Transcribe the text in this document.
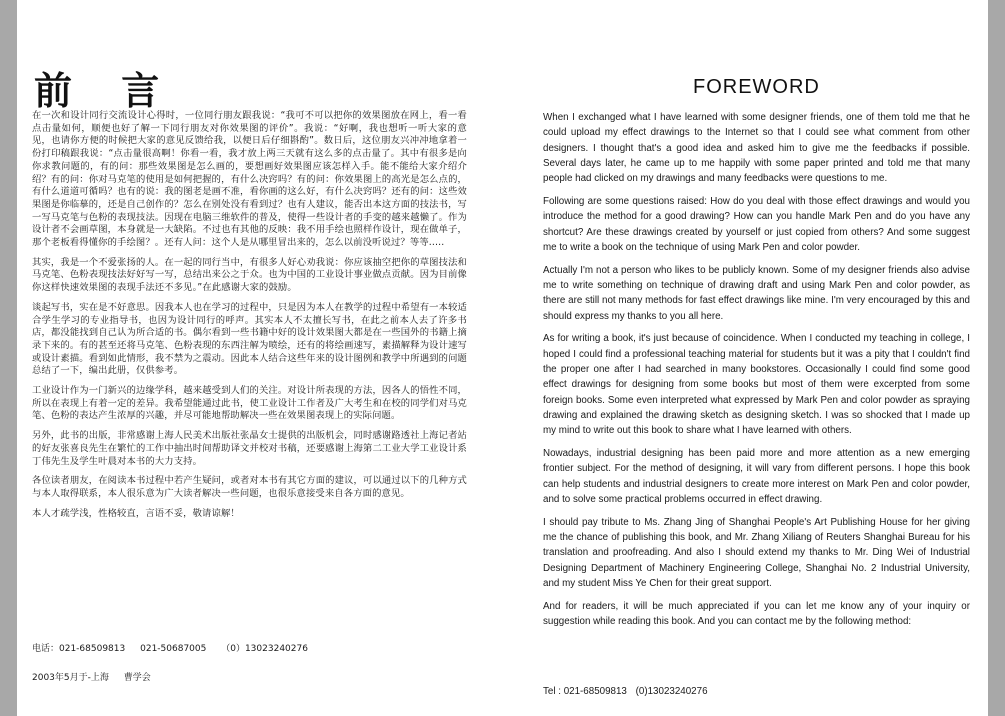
前 言

在一次和设计同行交流设计心得时，一位同行朋友跟我说：“我可不可以把你的效果图放在网上，看一看点击量如何，顺便也好了解一下同行朋友对你效果图的评价”。我说：“好啊，我也想听一听大家的意见，也请你方便的时候把大家的意见反馈给我，以便日后仔细斟酌”。数日后，这位朋友兴冲冲地拿着一份打印稿跟我说：“点击量很高啊！你看一看，我才放上两三天就有这么多的点击量了。其中有很多是向你求教问题的，有的问：那些效果图是怎么画的，要想画好效果图应该怎样入手。能不能给大家介绍介绍？有的问：你对马克笔的使用是如何把握的，有什么决窍吗？有的问：你效果图上的高光是怎么点的，有什么道道可循吗？也有的说：我的图老是画不准，看你画的这么好，有什么决窍吗？还有的问：这些效果图是你临摹的，还是自己创作的？怎么在别处没有看到过？也有人建议，能否出本这方面的技法书，写一写马克笔与色粉的表现技法。因现在电脑三维软件的普及，使得一些设计者的手变的越来越懒了。作为设计者不会画草图，本身就是一大缺陷。不过也有其他的反映：我不用手绘也照样作设计，现在做单子，那个老板看得懂你的手绘图？。还有人问：这个人是从哪里冒出来的，怎么以前没听说过？等等.....

其实，我是一个不爱张扬的人。在一起的同行当中，有很多人好心劝我说：你应该抽空把你的草图技法和马克笔、色粉表现技法好好写一写，总结出来公之于众。也为中国的工业设计事业做点贡献。因为目前像你这样快速效果图的表现手法还不多见。”在此感谢大家的鼓励。

谈起写书，实在是不好意思。因我本人也在学习的过程中，只是因为本人在教学的过程中希望有一本较适合学生学习的专业指导书，也因为设计同行的呼声。其实本人不太擅长写书，在此之前本人去了许多书店，都没能找到自己认为所合适的书。偶尔看到一些书籍中好的设计效果图大都是在一些国外的书籍上摘录下来的。有的甚至还将马克笔、色粉表现的东西注解为喷绘，还有的将绘画速写，素描解释为设计速写或设计素描。看到如此情形，我不禁为之震动。因此本人结合这些年来的设计图例和教学中所遇到的问题总结了一下，编出此册，仅供参考。

工业设计作为一门新兴的边缘学科，越来越受到人们的关注。对设计所表现的方法，因各人的悟性不同，所以在表现上有着一定的差异。我希望能通过此书，使工业设计工作者及广大考生和在校的同学们对马克笔、色粉的表达产生浓厚的兴趣，并尽可能地帮助解决一些在效果图表现上的实际问题。

另外，此书的出版，非常感谢上海人民美术出版社张晶女士提供的出版机会，同时感谢路透社上海记者站的好友张喜良先生在繁忙的工作中抽出时间帮助译文并校对书稿，还要感谢上海第二工业大学工业设计系丁伟先生及学生叶晨对本书的大力支持。

各位读者朋友，在阅读本书过程中若产生疑问，或者对本书有其它方面的建议，可以通过以下的几种方式与本人取得联系，本人很乐意为广大读者解决一些问题，也很乐意接受来自各方面的意见。

本人才疏学浅，性格较直，言语不妥，敬请谅解！

电话：021-68509813 021-50687005 （0）13023240276
2003年5月于-上海 曹学会
FOREWORD

When I exchanged what I have learned with some designer friends, one of them told me that he could upload my effect drawings to the Internet so that I could see what comment from other designers. I thought that's a good idea and asked him to give me the feedbacks if possible. Several days later, he came up to me happily with some paper printed and told me that many people had clicked on my drawings and many feedbacks were questions to me.

Following are some questions raised: How do you deal with those effect drawings and would you introduce the method for a good drawing? How can you handle Mark Pen and do you have any shortcut? Are these drawings created by yourself or just copied from others? And some suggest me to write a book on the technique of using Mark Pen and color powder.

Actually I'm not a person who likes to be publicly known. Some of my designer friends also advise me to write something on technique of drawing draft and using Mark Pen and color powder, as there are still not many methods for fast effect drawings like mine. I'm very encouraged by this and should express my thanks to you all here.

As for writing a book, it's just because of coincidence. When I conducted my teaching in college, I hoped I could find a professional teaching material for students but it was a pity that I couldn't find the proper one after I had searched in many bookstores. Occasionally I could find some good effect drawings for designing from some books but most of them were excerpted from some foreign books. Some even interpreted what expressed by Mark Pen and color powder as spraying drawing and explained the drawing sketch as designing sketch. I was so shocked that I made up my mind to write out this book to share what I have learned with others.

Nowadays, industrial designing has been paid more and more attention as a new emerging frontier subject. For the method of designing, it will vary from different persons. I hope this book can help students and industrial designers to create more interest on Mark Pen and color powder, and to solve some practical problems occurred in effect drawing.

I should pay tribute to Ms. Zhang Jing of Shanghai People's Art Publishing House for her giving me the chance of publishing this book, and Mr. Zhang Xiliang of Reuters Shanghai Bureau for his translation and proofreading. And also I should extend my thanks to Mr. Ding Wei of Industrial Designing Department of Machinery Engineering College, Shanghai No. 2 Industrial University, and my student Miss Ye Chen for their great support.

And for readers, it will be much appreciated if you can let me know any of your inquiry or suggestion while reading this book. And you can contact me by the following method:

Tel : 021-68509813 (0)13023240276
